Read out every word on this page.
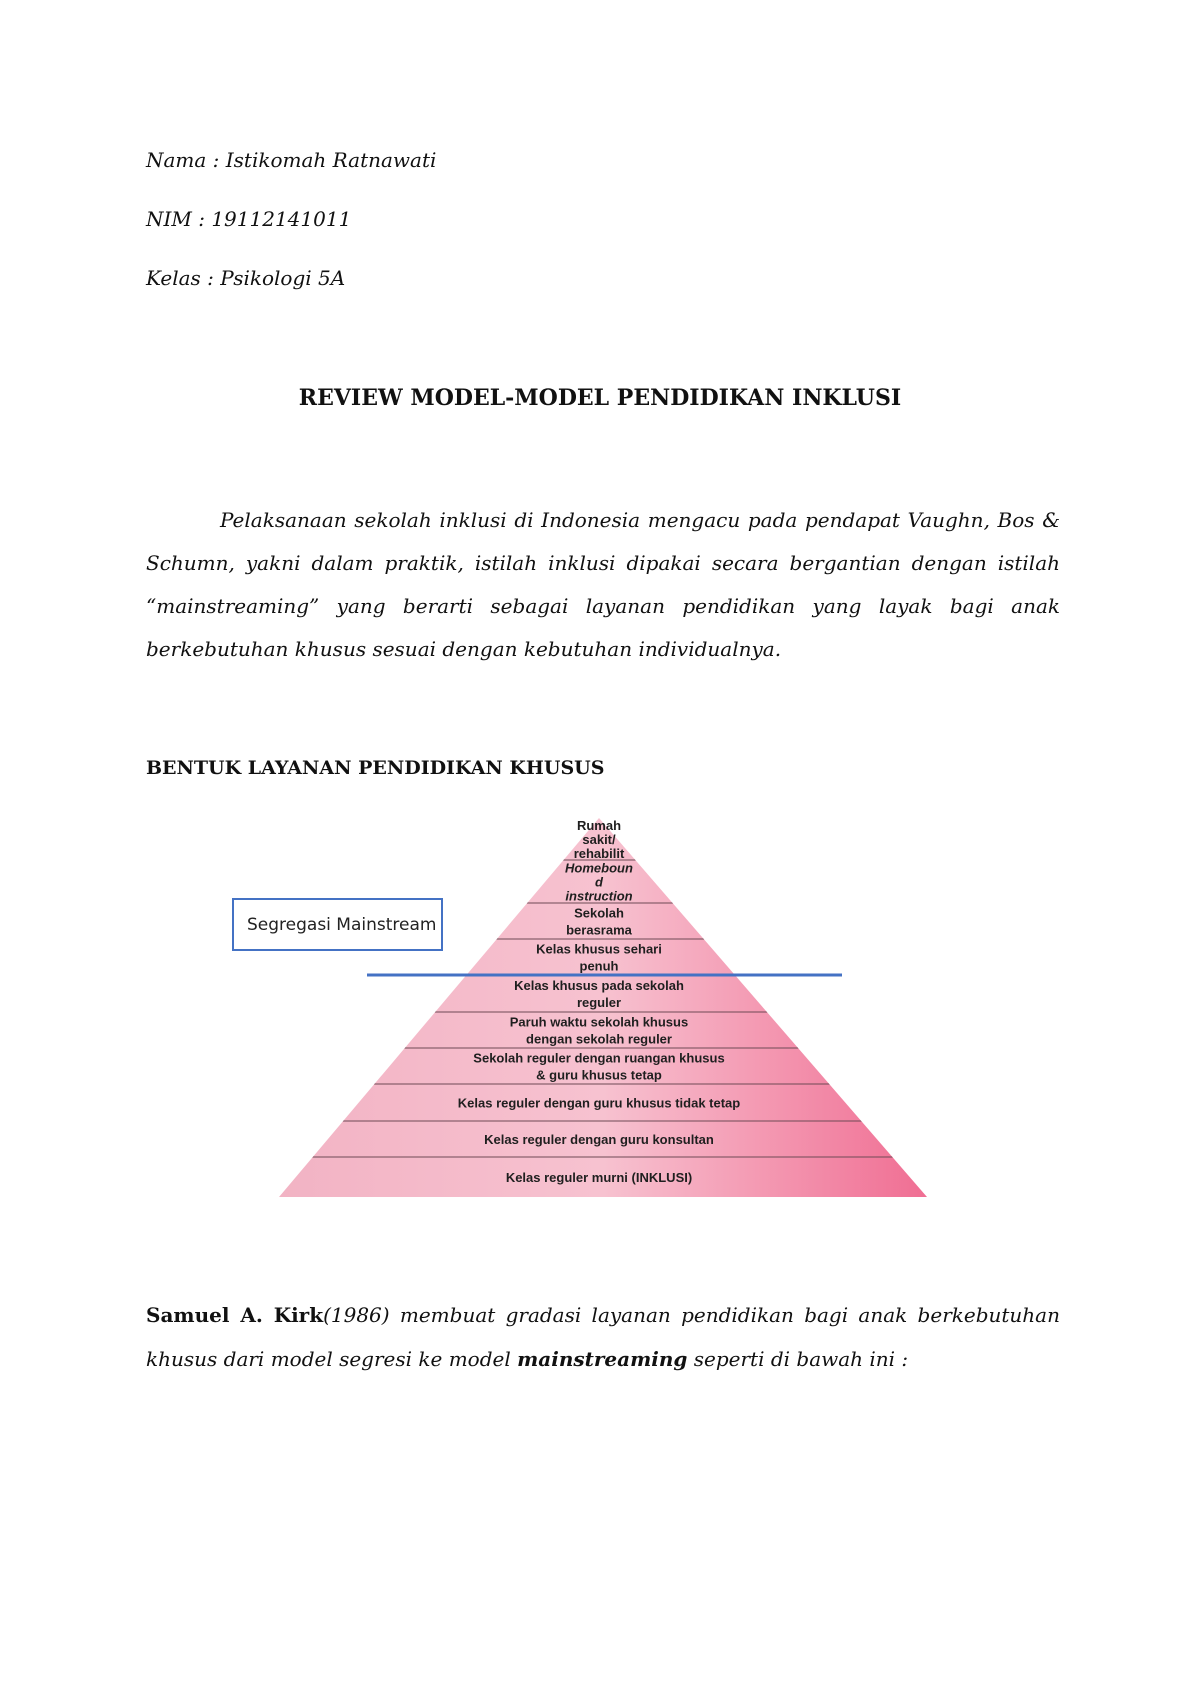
Nama : Istikomah Ratnawati

NIM : 19112141011

Kelas : Psikologi 5A

REVIEW MODEL-MODEL PENDIDIKAN INKLUSI

Pelaksanaan sekolah inklusi di Indonesia mengacu pada pendapat Vaughn, Bos & Schumn, yakni dalam praktik, istilah inklusi dipakai secara bergantian dengan istilah “mainstreaming” yang berarti sebagai layanan pendidikan yang layak bagi anak berkebutuhan khusus sesuai dengan kebutuhan individualnya.

BENTUK LAYANAN PENDIDIKAN KHUSUS
Rumah sakit/ rehabilit
Homeboun d instruction
Sekolah berasrama
Kelas khusus sehari penuh
Kelas khusus pada sekolah reguler
Paruh waktu sekolah khusus dengan sekolah reguler
Sekolah reguler dengan ruangan khusus & guru khusus tetap
Kelas reguler dengan guru khusus tidak tetap
Kelas reguler dengan guru konsultan
Kelas reguler murni (INKLUSI)
Segregasi Mainstream

Samuel A. Kirk(1986) membuat gradasi layanan pendidikan bagi anak berkebutuhan khusus dari model segresi ke model mainstreaming seperti di bawah ini :
